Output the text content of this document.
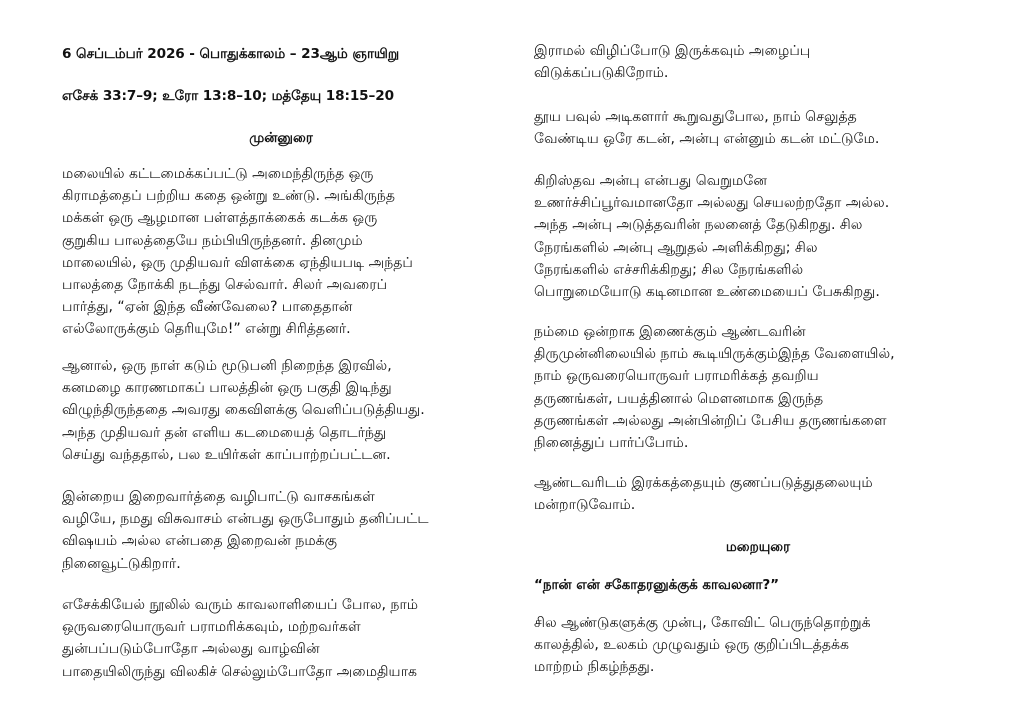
6 செப்டம்பர் 2026 - பொதுக்காலம் – 23ஆம் ஞாயிறு
எசேக் 33:7–9; உரோ 13:8–10; மத்தேயு 18:15–20
முன்னுரை
மலையில் கட்டமைக்கப்பட்டு அமைந்திருந்த ஒரு
கிராமத்தைப் பற்றிய கதை ஒன்று உண்டு. அங்கிருந்த
மக்கள் ஒரு ஆழமான பள்ளத்தாக்கைக் கடக்க ஒரு
குறுகிய பாலத்தையே நம்பியிருந்தனர். தினமும்
மாலையில், ஒரு முதியவர் விளக்கை ஏந்தியபடி அந்தப்
பாலத்தை நோக்கி நடந்து செல்வார். சிலர் அவரைப்
பார்த்து, “ஏன் இந்த வீண்வேலை? பாதைதான்
எல்லோருக்கும் தெரியுமே!” என்று சிரித்தனர்.
ஆனால், ஒரு நாள் கடும் மூடுபனி நிறைந்த இரவில்,
கனமழை காரணமாகப் பாலத்தின் ஒரு பகுதி இடிந்து
விழுந்திருந்ததை அவரது கைவிளக்கு வெளிப்படுத்தியது.
அந்த முதியவர் தன் எளிய கடமையைத் தொடர்ந்து
செய்து வந்ததால், பல உயிர்கள் காப்பாற்றப்பட்டன.
இன்றைய இறைவார்த்தை வழிபாட்டு வாசகங்கள்
வழியே, நமது விசுவாசம் என்பது ஒருபோதும் தனிப்பட்ட
விஷயம் அல்ல என்பதை இறைவன் நமக்கு
நினைவூட்டுகிறார்.
எசேக்கியேல் நூலில் வரும் காவலாளியைப் போல, நாம்
ஒருவரையொருவர் பராமரிக்கவும், மற்றவர்கள்
துன்பப்படும்போதோ அல்லது வாழ்வின்
பாதையிலிருந்து விலகிச் செல்லும்போதோ அமைதியாக
இராமல் விழிப்போடு இருக்கவும் அழைப்பு
விடுக்கப்படுகிறோம்.
தூய பவுல் அடிகளார் கூறுவதுபோல, நாம் செலுத்த
வேண்டிய ஒரே கடன், அன்பு என்னும் கடன் மட்டுமே.
கிறிஸ்தவ அன்பு என்பது வெறுமனே
உணர்ச்சிப்பூர்வமானதோ அல்லது செயலற்றதோ அல்ல.
அந்த அன்பு அடுத்தவரின் நலனைத் தேடுகிறது. சில
நேரங்களில் அன்பு ஆறுதல் அளிக்கிறது; சில
நேரங்களில் எச்சரிக்கிறது; சில நேரங்களில்
பொறுமையோடு கடினமான உண்மையைப் பேசுகிறது.
நம்மை ஒன்றாக இணைக்கும் ஆண்டவரின்
திருமுன்னிலையில் நாம் கூடியிருக்கும்இந்த வேளையில்,
நாம் ஒருவரையொருவர் பராமரிக்கத் தவறிய
தருணங்கள், பயத்தினால் மௌனமாக இருந்த
தருணங்கள் அல்லது அன்பின்றிப் பேசிய தருணங்களை
நினைத்துப் பார்ப்போம்.
ஆண்டவரிடம் இரக்கத்தையும் குணப்படுத்துதலையும்
மன்றாடுவோம்.
மறையுரை
“நான் என் சகோதரனுக்குக் காவலனா?”
சில ஆண்டுகளுக்கு முன்பு, கோவிட் பெருந்தொற்றுக்
காலத்தில், உலகம் முழுவதும் ஒரு குறிப்பிடத்தக்க
மாற்றம் நிகழ்ந்தது.
